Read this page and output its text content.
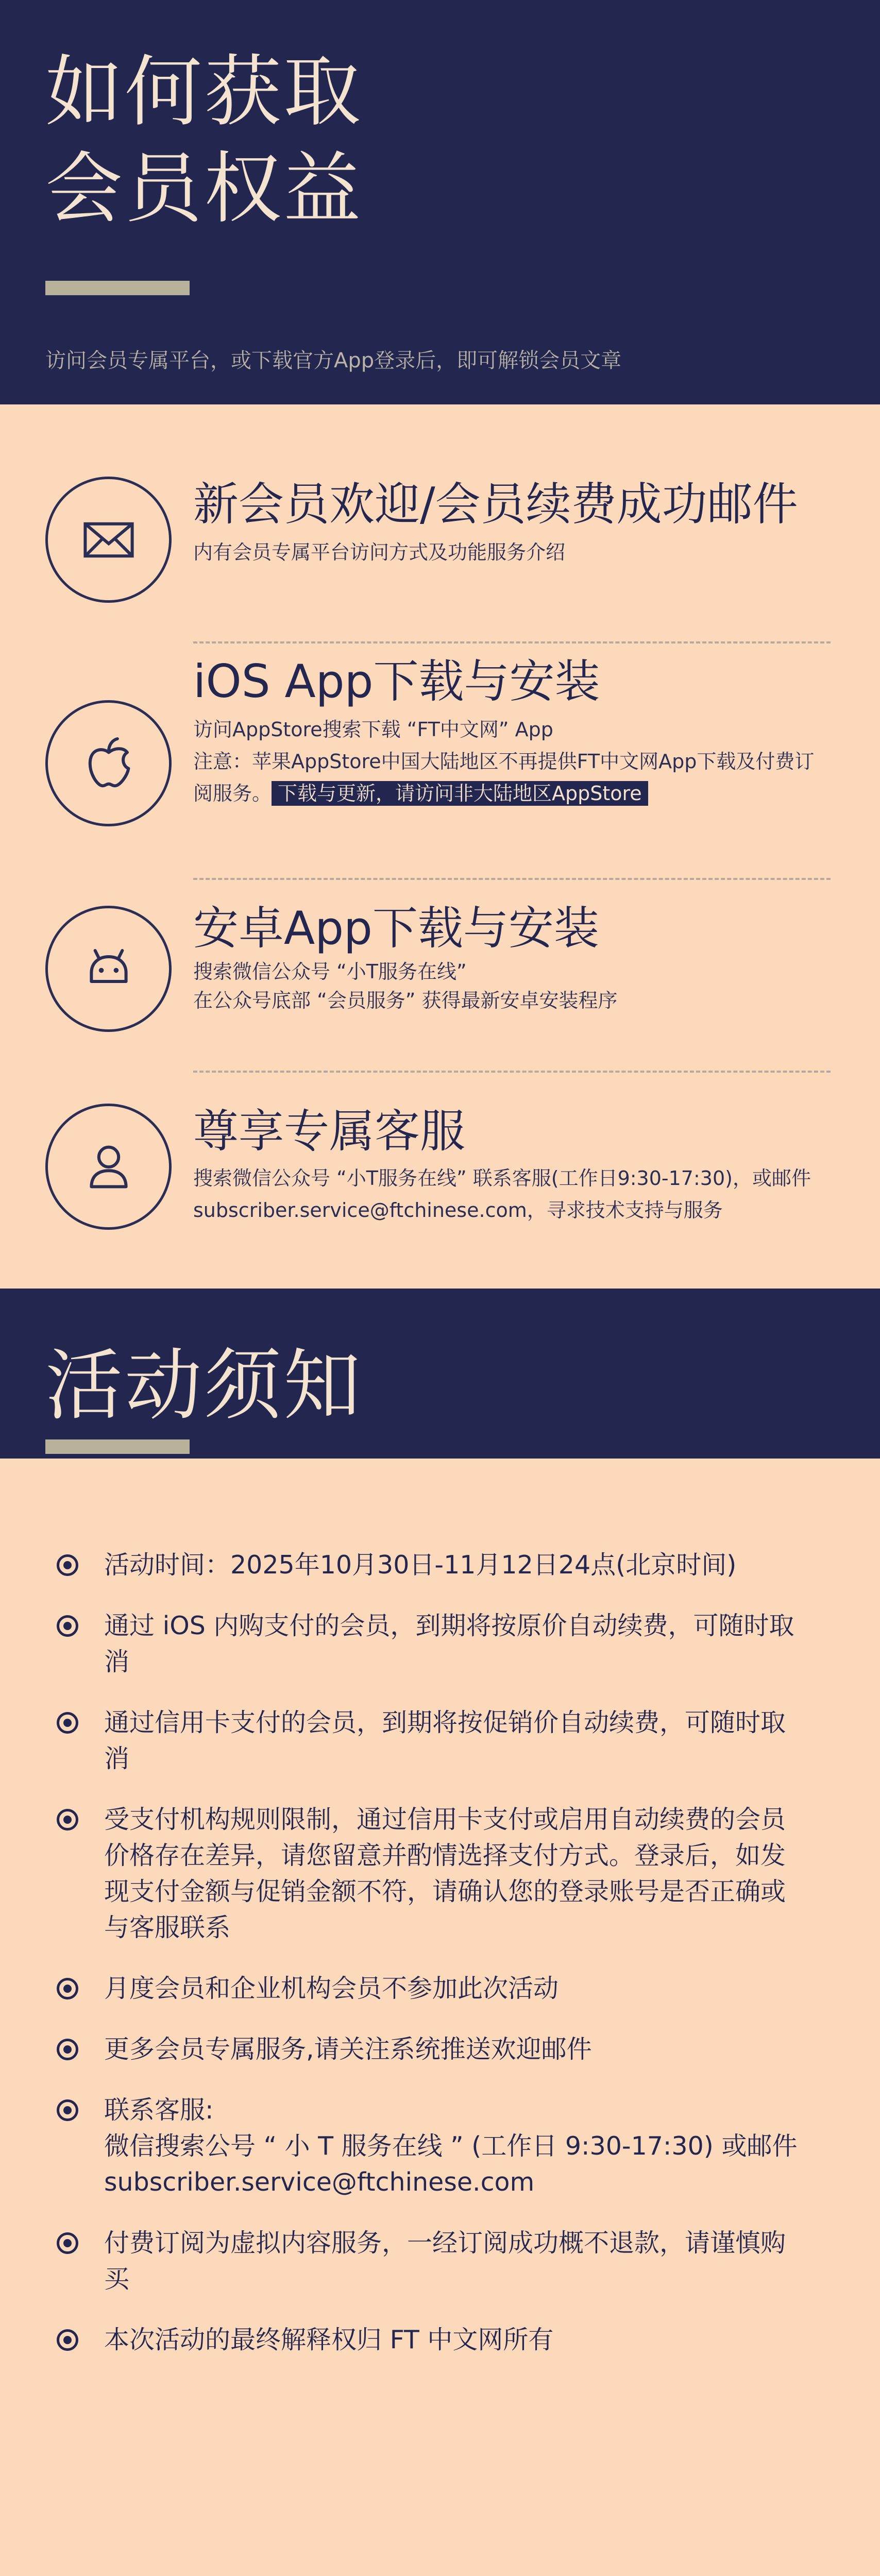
如何获取
会员权益

访问会员专属平台，或下载官方App登录后，即可解锁会员文章

新会员欢迎/会员续费成功邮件
内有会员专属平台访问方式及功能服务介绍
iOS App下载与安装
访问AppStore搜索下载 “FT中文网” App
注意：苹果AppStore中国大陆地区不再提供FT中文网App下载及付费订阅服务。 下载与更新，请访问非大陆地区AppStore
安卓App下载与安装
搜索微信公众号 “小T服务在线”
在公众号底部 “会员服务” 获得最新安卓安装程序
尊享专属客服
搜索微信公众号 “小T服务在线” 联系客服(工作日9:30-17:30)，或邮件subscriber.service@ftchinese.com，寻求技术支持与服务
活动须知
活动时间：2025年10月30日-11月12日24点(北京时间)
通过 iOS 内购支付的会员，到期将按原价自动续费，可随时取消
通过信用卡支付的会员，到期将按促销价自动续费，可随时取消
受支付机构规则限制，通过信用卡支付或启用自动续费的会员价格存在差异，请您留意并酌情选择支付方式。登录后，如发现支付金额与促销金额不符，请确认您的登录账号是否正确或与客服联系
月度会员和企业机构会员不参加此次活动
更多会员专属服务,请关注系统推送欢迎邮件
联系客服:
微信搜索公号 “ 小 T 服务在线 ” (工作日 9:30-17:30) 或邮件
subscriber.service@ftchinese.com
付费订阅为虚拟内容服务，一经订阅成功概不退款，请谨慎购买
本次活动的最终解释权归 FT 中文网所有
